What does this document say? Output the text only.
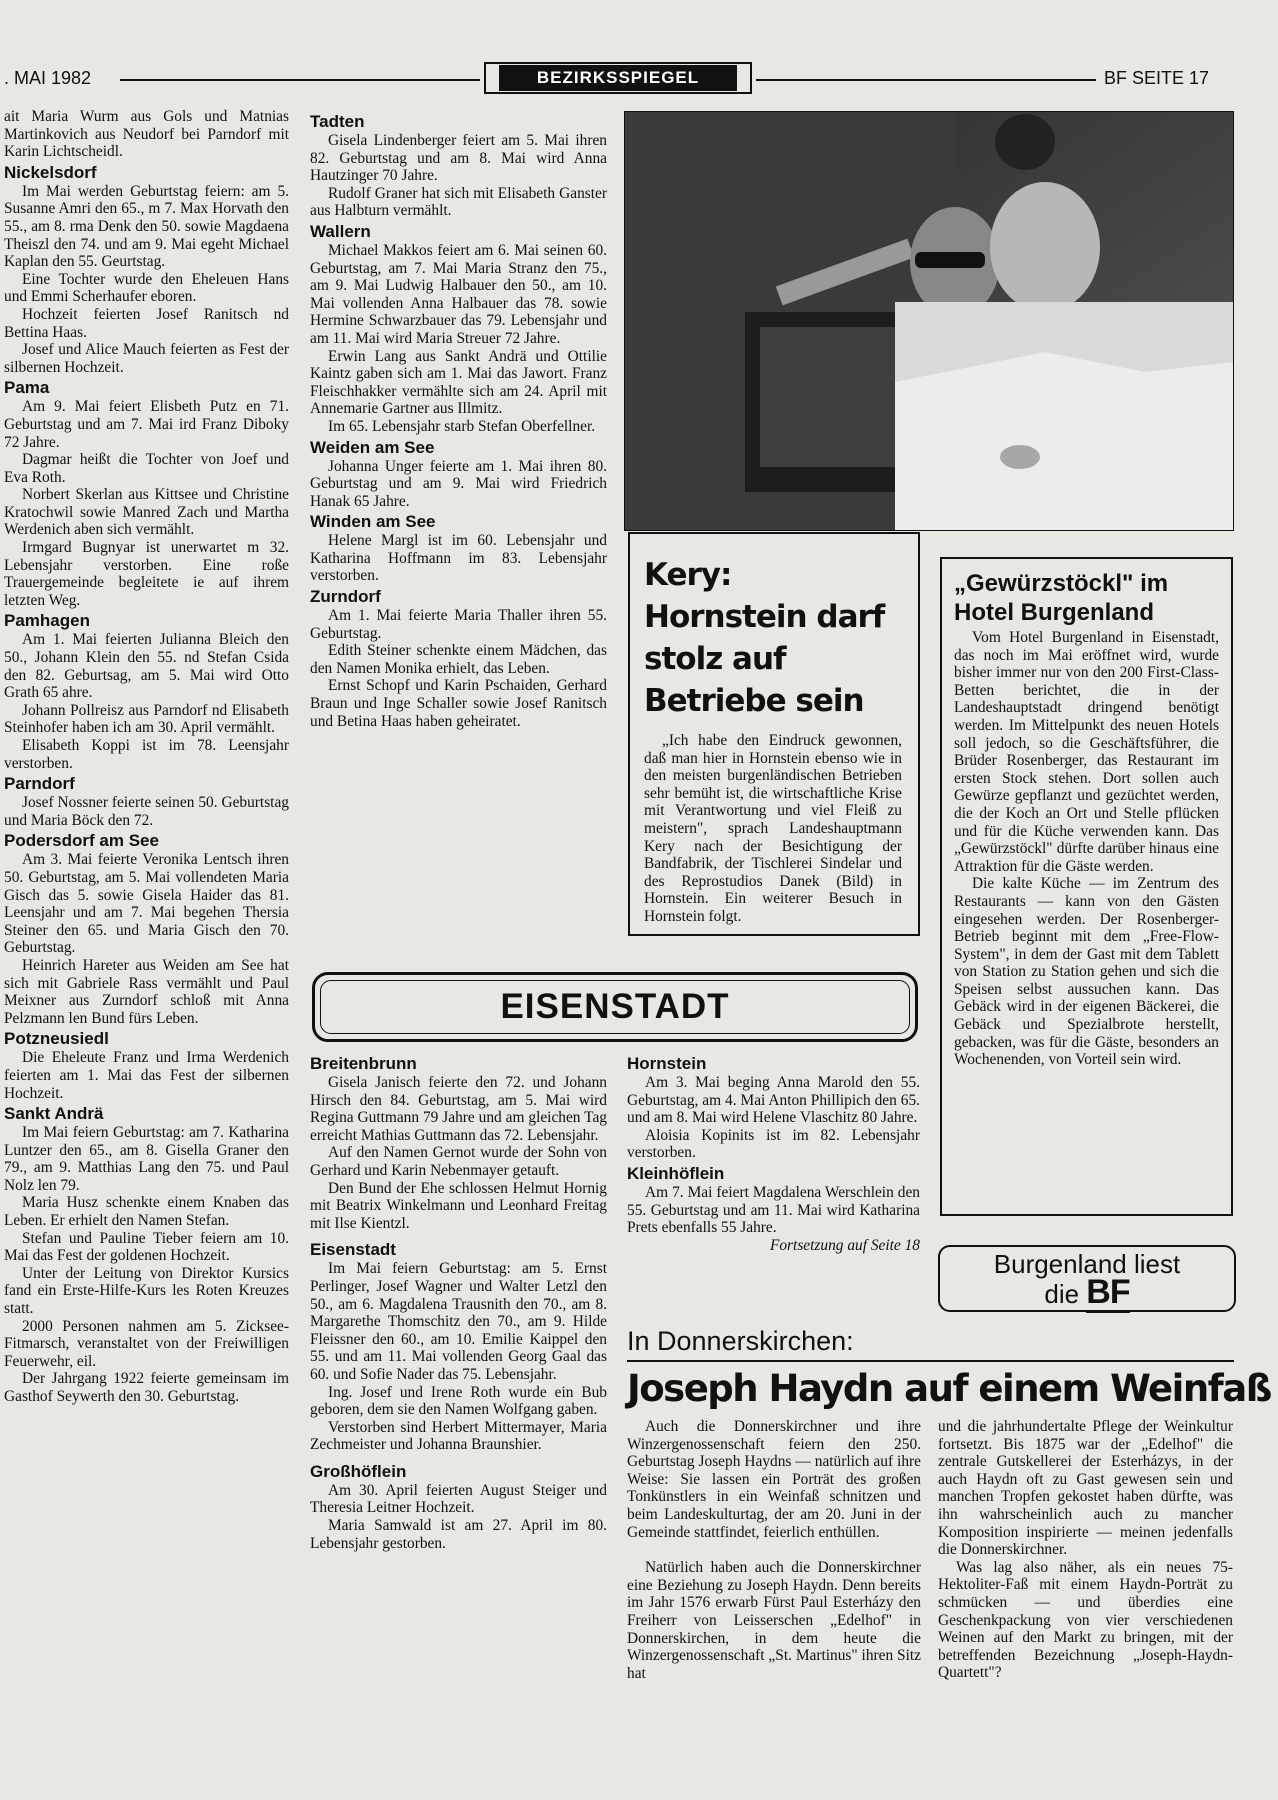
. MAI 1982	BEZIRKSSPIEGEL	BF SEITE 17

ait Maria Wurm aus Gols und Matnias Martinkovich aus Neudorf bei Parndorf mit Karin Lichtscheidl.

Nickelsdorf

Im Mai werden Geburtstag feiern: am 5. Susanne Amri den 65., m 7. Max Horvath den 55., am 8. rma Denk den 50. sowie Magdaena Theiszl den 74. und am 9. Mai egeht Michael Kaplan den 55. Geurtstag.

Eine Tochter wurde den Eheleuen Hans und Emmi Scherhaufer eboren.

Hochzeit feierten Josef Ranitsch nd Bettina Haas.

Josef und Alice Mauch feierten as Fest der silbernen Hochzeit.

Pama

Am 9. Mai feiert Elisbeth Putz en 71. Geburtstag und am 7. Mai ird Franz Diboky 72 Jahre.

Dagmar heißt die Tochter von Joef und Eva Roth.

Norbert Skerlan aus Kittsee und Christine Kratochwil sowie Manred Zach und Martha Werdenich aben sich vermählt.

Irmgard Bugnyar ist unerwartet m 32. Lebensjahr verstorben. Eine roße Trauergemeinde begleitete ie auf ihrem letzten Weg.

Pamhagen

Am 1. Mai feierten Julianna Bleich den 50., Johann Klein den 55. nd Stefan Csida den 82. Geburtsag, am 5. Mai wird Otto Grath 65 ahre.

Johann Pollreisz aus Parndorf nd Elisabeth Steinhofer haben ich am 30. April vermählt.

Elisabeth Koppi ist im 78. Leensjahr verstorben.

Parndorf

Josef Nossner feierte seinen 50. Geburtstag und Maria Böck den 72.

Podersdorf am See

Am 3. Mai feierte Veronika Lentsch ihren 50. Geburtstag, am 5. Mai vollendeten Maria Gisch das 5. sowie Gisela Haider das 81. Leensjahr und am 7. Mai begehen Thersia Steiner den 65. und Maria Gisch den 70. Geburtstag.

Heinrich Hareter aus Weiden am See hat sich mit Gabriele Rass vermählt und Paul Meixner aus Zurndorf schloß mit Anna Pelzmann len Bund fürs Leben.

Potzneusiedl

Die Eheleute Franz und Irma Werdenich feierten am 1. Mai das Fest der silbernen Hochzeit.

Sankt Andrä

Im Mai feiern Geburtstag: am 7. Katharina Luntzer den 65., am 8. Gisella Graner den 79., am 9. Matthias Lang den 75. und Paul Nolz len 79.

Maria Husz schenkte einem Knaben das Leben. Er erhielt den Namen Stefan.

Stefan und Pauline Tieber feiern am 10. Mai das Fest der goldenen Hochzeit.

Unter der Leitung von Direktor Kursics fand ein Erste-Hilfe-Kurs les Roten Kreuzes statt.

2000 Personen nahmen am 5. Zicksee-Fitmarsch, veranstaltet von der Freiwilligen Feuerwehr, eil.

Der Jahrgang 1922 feierte gemeinsam im Gasthof Seywerth den 30. Geburtstag.

Tadten

Gisela Lindenberger feiert am 5. Mai ihren 82. Geburtstag und am 8. Mai wird Anna Hautzinger 70 Jahre.

Rudolf Graner hat sich mit Elisabeth Ganster aus Halbturn vermählt.

Wallern

Michael Makkos feiert am 6. Mai seinen 60. Geburtstag, am 7. Mai Maria Stranz den 75., am 9. Mai Ludwig Halbauer den 50., am 10. Mai vollenden Anna Halbauer das 78. sowie Hermine Schwarzbauer das 79. Lebensjahr und am 11. Mai wird Maria Streuer 72 Jahre.

Erwin Lang aus Sankt Andrä und Ottilie Kaintz gaben sich am 1. Mai das Jawort. Franz Fleischhakker vermählte sich am 24. April mit Annemarie Gartner aus Illmitz.

Im 65. Lebensjahr starb Stefan Oberfellner.

Weiden am See

Johanna Unger feierte am 1. Mai ihren 80. Geburtstag und am 9. Mai wird Friedrich Hanak 65 Jahre.

Winden am See

Helene Margl ist im 60. Lebensjahr und Katharina Hoffmann im 83. Lebensjahr verstorben.

Zurndorf

Am 1. Mai feierte Maria Thaller ihren 55. Geburtstag.

Edith Steiner schenkte einem Mädchen, das den Namen Monika erhielt, das Leben.

Ernst Schopf und Karin Pschaiden, Gerhard Braun und Inge Schaller sowie Josef Ranitsch und Betina Haas haben geheiratet.

Kery: Hornstein darf stolz auf Betriebe sein

„Ich habe den Eindruck gewonnen, daß man hier in Hornstein ebenso wie in den meisten burgenländischen Betrieben sehr bemüht ist, die wirtschaftliche Krise mit Verantwortung und viel Fleiß zu meistern", sprach Landeshauptmann Kery nach der Besichtigung der Bandfabrik, der Tischlerei Sindelar und des Reprostudios Danek (Bild) in Hornstein. Ein weiterer Besuch in Hornstein folgt.

„Gewürzstöckl" im Hotel Burgenland

Vom Hotel Burgenland in Eisenstadt, das noch im Mai eröffnet wird, wurde bisher immer nur von den 200 First-Class-Betten berichtet, die in der Landeshauptstadt dringend benötigt werden. Im Mittelpunkt des neuen Hotels soll jedoch, so die Geschäftsführer, die Brüder Rosenberger, das Restaurant im ersten Stock stehen. Dort sollen auch Gewürze gepflanzt und gezüchtet werden, die der Koch an Ort und Stelle pflücken und für die Küche verwenden kann. Das „Gewürzstöckl" dürfte darüber hinaus eine Attraktion für die Gäste werden.

Die kalte Küche — im Zentrum des Restaurants — kann von den Gästen eingesehen werden. Der Rosenberger-Betrieb beginnt mit dem „Free-Flow-System", in dem der Gast mit dem Tablett von Station zu Station gehen und sich die Speisen selbst aussuchen kann. Das Gebäck wird in der eigenen Bäckerei, die Gebäck und Spezialbrote herstellt, gebacken, was für die Gäste, besonders an Wochenenden, von Vorteil sein wird.

EISENSTADT
Breitenbrunn

Gisela Janisch feierte den 72. und Johann Hirsch den 84. Geburtstag, am 5. Mai wird Regina Guttmann 79 Jahre und am gleichen Tag erreicht Mathias Guttmann das 72. Lebensjahr.

Auf den Namen Gernot wurde der Sohn von Gerhard und Karin Nebenmayer getauft.

Den Bund der Ehe schlossen Helmut Hornig mit Beatrix Winkelmann und Leonhard Freitag mit Ilse Kientzl.

Eisenstadt

Im Mai feiern Geburtstag: am 5. Ernst Perlinger, Josef Wagner und Walter Letzl den 50., am 6. Magdalena Trausnith den 70., am 8. Margarethe Thomschitz den 70., am 9. Hilde Fleissner den 60., am 10. Emilie Kaippel den 55. und am 11. Mai vollenden Georg Gaal das 60. und Sofie Nader das 75. Lebensjahr.

Ing. Josef und Irene Roth wurde ein Bub geboren, dem sie den Namen Wolfgang gaben.

Verstorben sind Herbert Mittermayer, Maria Zechmeister und Johanna Braunshier.

Großhöflein

Am 30. April feierten August Steiger und Theresia Leitner Hochzeit.

Maria Samwald ist am 27. April im 80. Lebensjahr gestorben.

Hornstein

Am 3. Mai beging Anna Marold den 55. Geburtstag, am 4. Mai Anton Phillipich den 65. und am 8. Mai wird Helene Vlaschitz 80 Jahre.

Aloisia Kopinits ist im 82. Lebensjahr verstorben.

Kleinhöflein

Am 7. Mai feiert Magdalena Werschlein den 55. Geburtstag und am 11. Mai wird Katharina Prets ebenfalls 55 Jahre.

Fortsetzung auf Seite 18
Burgenland liest
die BF
In Donnerskirchen:
Joseph Haydn auf einem Weinfaß

Auch die Donnerskirchner und ihre Winzergenossenschaft feiern den 250. Geburtstag Joseph Haydns — natürlich auf ihre Weise: Sie lassen ein Porträt des großen Tonkünstlers in ein Weinfaß schnitzen und beim Landeskulturtag, der am 20. Juni in der Gemeinde stattfindet, feierlich enthüllen.

Natürlich haben auch die Donnerskirchner eine Beziehung zu Joseph Haydn. Denn bereits im Jahr 1576 erwarb Fürst Paul Esterházy den Freiherr von Leisserschen „Edelhof" in Donnerskirchen, in dem heute die Winzergenossenschaft „St. Martinus" ihren Sitz hat

und die jahrhundertalte Pflege der Weinkultur fortsetzt. Bis 1875 war der „Edelhof" die zentrale Gutskellerei der Esterházys, in der auch Haydn oft zu Gast gewesen sein und manchen Tropfen gekostet haben dürfte, was ihn wahrscheinlich auch zu mancher Komposition inspirierte — meinen jedenfalls die Donnerskirchner.

Was lag also näher, als ein neues 75-Hektoliter-Faß mit einem Haydn-Porträt zu schmücken — und überdies eine Geschenkpackung von vier verschiedenen Weinen auf den Markt zu bringen, mit der betreffenden Bezeichnung „Joseph-Haydn-Quartett"?
